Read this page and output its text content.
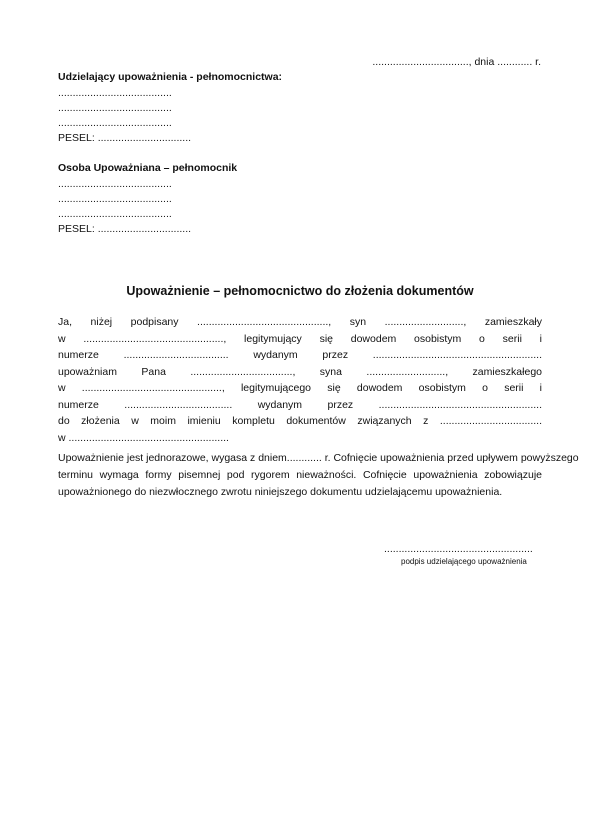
................................., dnia ............ r.
Udzielający upoważnienia - pełnomocnictwa:
.......................................
.......................................
.......................................
PESEL: ................................
Osoba Upoważniana – pełnomocnik
.......................................
.......................................
.......................................
PESEL: ................................
Upoważnienie – pełnomocnictwo do złożenia dokumentów
Ja, niżej podpisany ............................................., syn ..........................., zamieszkały
w ................................................, legitymujący się dowodem osobistym o serii i
numerze .................................... wydanym przez ..........................................................
upoważniam Pana ..................................., syna ..........................., zamieszkałego
w ................................................, legitymującego się dowodem osobistym o serii i
numerze ..................................... wydanym przez ........................................................
do złożenia w moim imieniu kompletu dokumentów związanych z ...................................
w .......................................................
Upoważnienie jest jednorazowe, wygasa z dniem............ r. Cofnięcie upoważnienia przed upływem powyższego
terminu wymaga formy pisemnej pod rygorem nieważności. Cofnięcie upoważnienia zobowiązuje
upoważnionego do niezwłocznego zwrotu niniejszego dokumentu udzielającemu upoważnienia.
...................................................
podpis udzielającego upoważnienia
